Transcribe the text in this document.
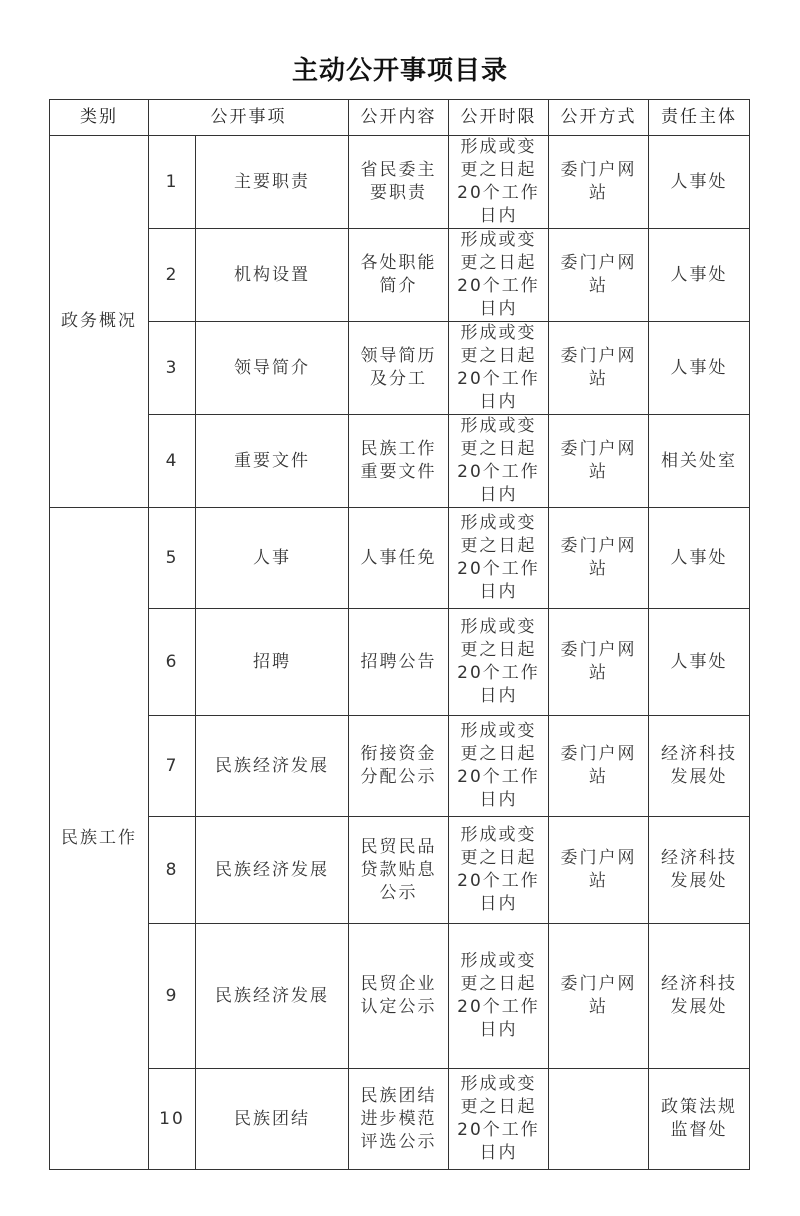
主动公开事项目录
类别	公开事项		公开内容	公开时限	公开方式	责任主体
政务概况	1	主要职责	省民委主要职责	形成或变更之日起20个工作日内	委门户网站	人事处
	2	机构设置	各处职能简介	形成或变更之日起20个工作日内	委门户网站	人事处
	3	领导简介	领导简历及分工	形成或变更之日起20个工作日内	委门户网站	人事处
	4	重要文件	民族工作重要文件	形成或变更之日起20个工作日内	委门户网站	相关处室
民族工作	5	人事	人事任免	形成或变更之日起20个工作日内	委门户网站	人事处
	6	招聘	招聘公告	形成或变更之日起20个工作日内	委门户网站	人事处
	7	民族经济发展	衔接资金分配公示	形成或变更之日起20个工作日内	委门户网站	经济科技发展处
	8	民族经济发展	民贸民品贷款贴息公示	形成或变更之日起20个工作日内	委门户网站	经济科技发展处
	9	民族经济发展	民贸企业认定公示	形成或变更之日起20个工作日内	委门户网站	经济科技发展处
	10	民族团结	民族团结进步模范评选公示	形成或变更之日起20个工作日内		政策法规监督处
